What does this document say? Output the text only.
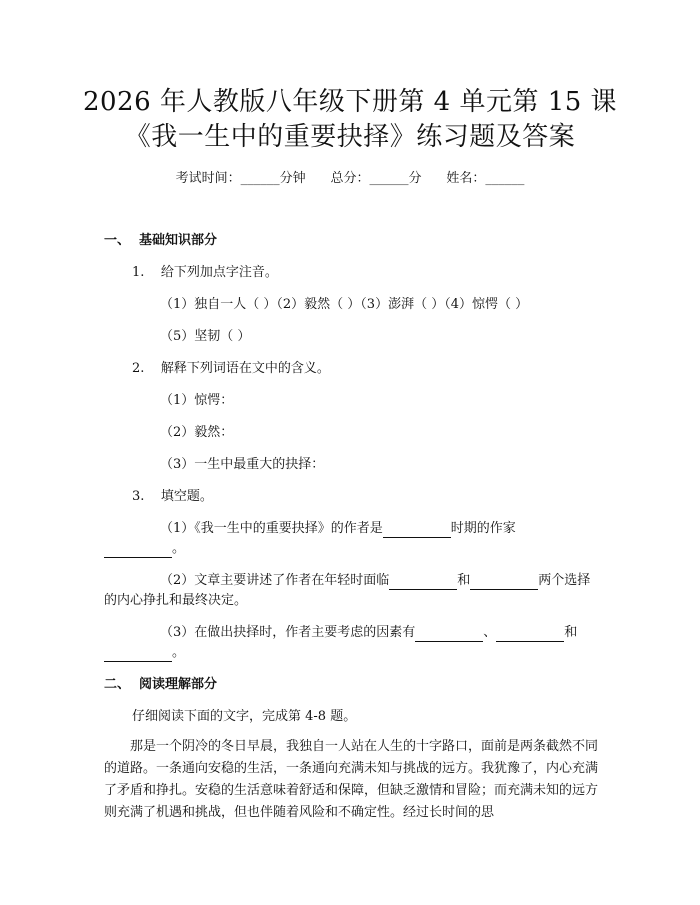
2026 年人教版八年级下册第 4 单元第 15 课
《我一生中的重要抉择》练习题及答案
考试时间：______分钟 总分：______分 姓名：______
一、  基础知识部分
1.    给下列加点字注音。
（1）独自一人（ ）（2）毅然（ ）（3）澎湃（ ）（4）惊愕（ ）
（5）坚韧（ ）
2.    解释下列词语在文中的含义。
（1）惊愕：
（2）毅然：
（3）一生中最重大的抉择：
3.    填空题。
（1）《我一生中的重要抉择》的作者是	时期的作家
。
（2）文章主要讲述了作者在年轻时面临	和	两个选择
的内心挣扎和最终决定。
（3）在做出抉择时，作者主要考虑的因素有	、	和
。
二、  阅读理解部分
仔细阅读下面的文字，完成第 4-8 题。
那是一个阴冷的冬日早晨，我独自一人站在人生的十字路口，面前是两条截然不同的道路。一条通向安稳的生活，一条通向充满未知与挑战的远方。我犹豫了，内心充满了矛盾和挣扎。安稳的生活意味着舒适和保障，但缺乏激情和冒险；而充满未知的远方则充满了机遇和挑战，但也伴随着风险和不确定性。经过长时间的思
